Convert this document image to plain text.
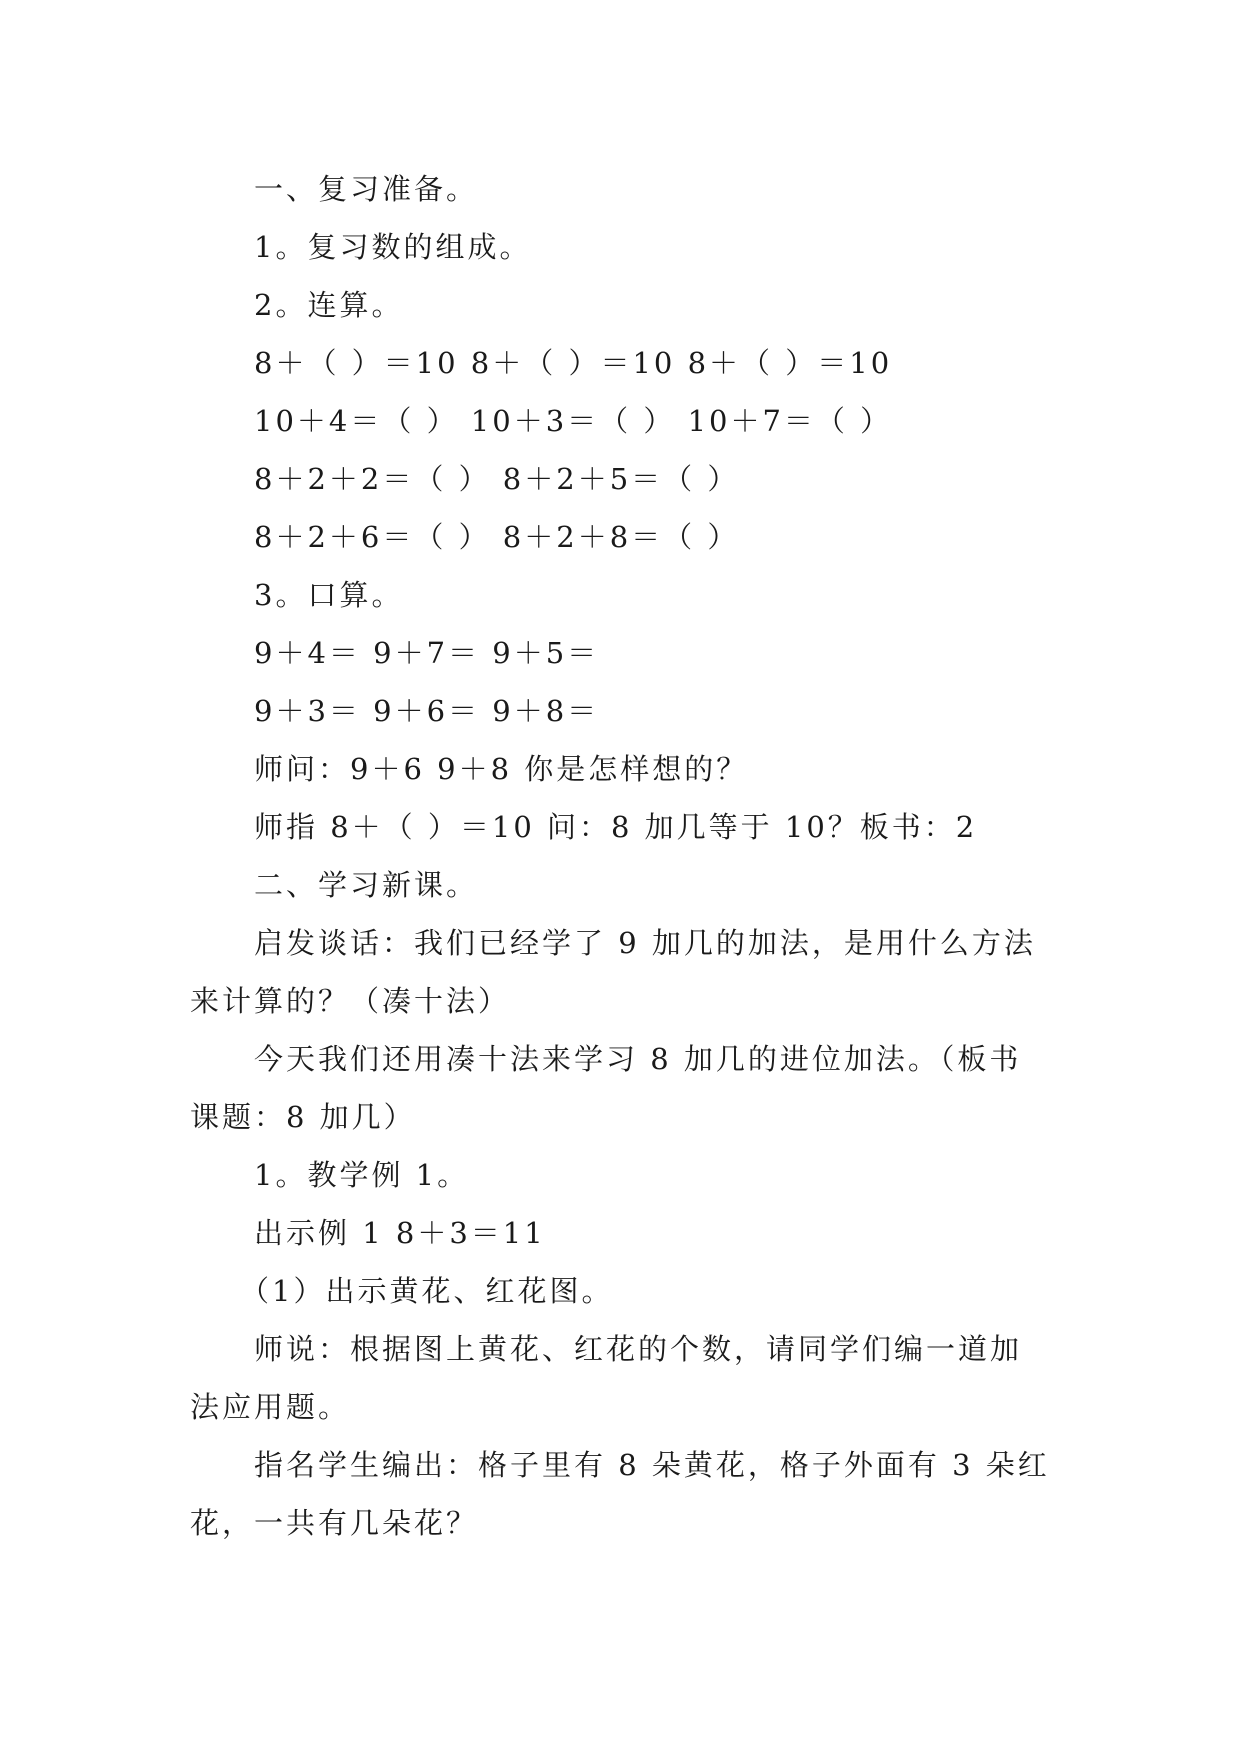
一、复习准备。
1。复习数的组成。
2。连算。
8＋（ ）＝10 8＋（ ）＝10 8＋（ ）＝10
10＋4＝（ ） 10＋3＝（ ） 10＋7＝（ ）
8＋2＋2＝（ ） 8＋2＋5＝（ ）
8＋2＋6＝（ ） 8＋2＋8＝（ ）
3。口算。
9＋4＝ 9＋7＝ 9＋5＝
9＋3＝ 9＋6＝ 9＋8＝
师问：9＋6 9＋8 你是怎样想的？
师指 8＋（ ）＝10 问：8 加几等于 10？板书：2
二、学习新课。
启发谈话：我们已经学了 9 加几的加法，是用什么方法
来计算的？（凑十法）
今天我们还用凑十法来学习 8 加几的进位加法。（板书
课题：8 加几）
1。教学例 1。
出示例 1 8＋3＝11
（1）出示黄花、红花图。
师说：根据图上黄花、红花的个数，请同学们编一道加
法应用题。
指名学生编出：格子里有 8 朵黄花，格子外面有 3 朵红
花，一共有几朵花？
